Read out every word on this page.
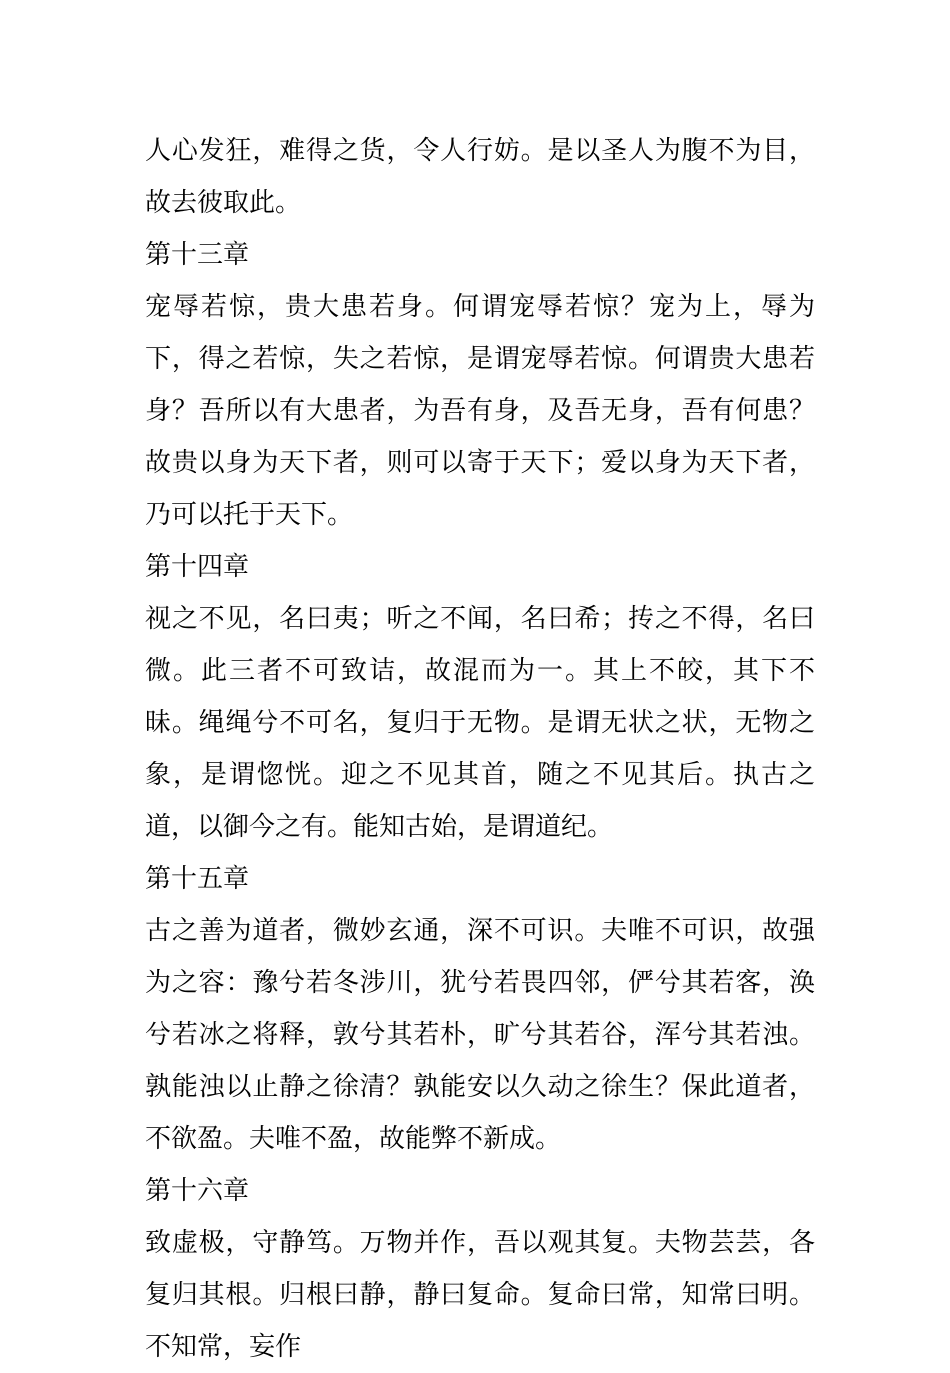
人心发狂，难得之货，令人行妨。是以圣人为腹不为目，故去彼取此。

第十三章

宠辱若惊，贵大患若身。何谓宠辱若惊？宠为上，辱为下，得之若惊，失之若惊，是谓宠辱若惊。何谓贵大患若身？吾所以有大患者，为吾有身，及吾无身，吾有何患？故贵以身为天下者，则可以寄于天下；爱以身为天下者，乃可以托于天下。

第十四章

视之不见，名曰夷；听之不闻，名曰希；抟之不得，名曰微。此三者不可致诘，故混而为一。其上不皎，其下不昧。绳绳兮不可名，复归于无物。是谓无状之状，无物之象，是谓惚恍。迎之不见其首，随之不见其后。执古之道，以御今之有。能知古始，是谓道纪。

第十五章

古之善为道者，微妙玄通，深不可识。夫唯不可识，故强为之容：豫兮若冬涉川，犹兮若畏四邻，俨兮其若客，涣兮若冰之将释，敦兮其若朴，旷兮其若谷，浑兮其若浊。孰能浊以止静之徐清？孰能安以久动之徐生？保此道者，不欲盈。夫唯不盈，故能弊不新成。

第十六章

致虚极，守静笃。万物并作，吾以观其复。夫物芸芸，各复归其根。归根曰静，静曰复命。复命曰常，知常曰明。不知常，妄作
